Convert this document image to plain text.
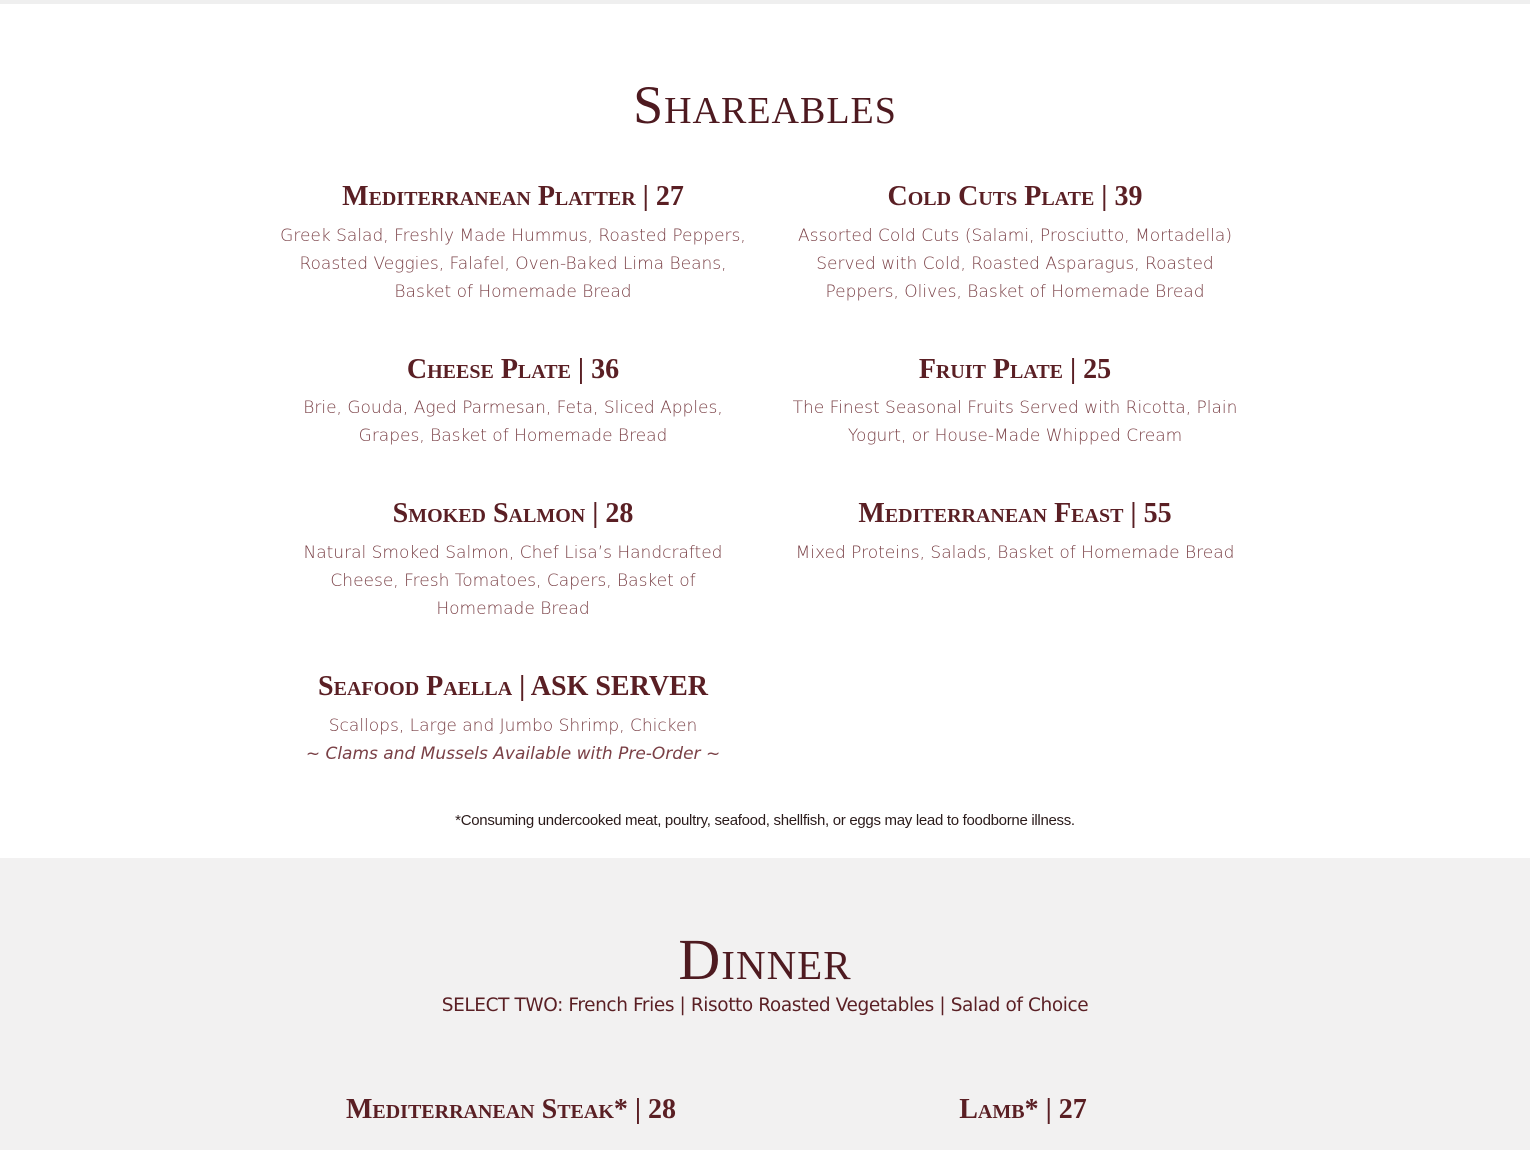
Shareables
Mediterranean Platter | 27

Greek Salad, Freshly Made Hummus, Roasted Peppers,
Roasted Veggies, Falafel, Oven-Baked Lima Beans,
Basket of Homemade Bread

Cold Cuts Plate | 39

Assorted Cold Cuts (Salami, Prosciutto, Mortadella)
Served with Cold, Roasted Asparagus, Roasted
Peppers, Olives, Basket of Homemade Bread

Cheese Plate | 36

Brie, Gouda, Aged Parmesan, Feta, Sliced Apples,
Grapes, Basket of Homemade Bread

Fruit Plate | 25

The Finest Seasonal Fruits Served with Ricotta, Plain
Yogurt, or House-Made Whipped Cream

Smoked Salmon | 28

Natural Smoked Salmon, Chef Lisa’s Handcrafted
Cheese, Fresh Tomatoes, Capers, Basket of
Homemade Bread

Mediterranean Feast | 55

Mixed Proteins, Salads, Basket of Homemade Bread

Seafood Paella | ASK SERVER

Scallops, Large and Jumbo Shrimp, Chicken
~ Clams and Mussels Available with Pre-Order ~

*Consuming undercooked meat, poultry, seafood, shellfish, or eggs may lead to foodborne illness.
Dinner
SELECT TWO: French Fries | Risotto Roasted Vegetables | Salad of Choice
Mediterranean Steak* | 28	Lamb* | 27
